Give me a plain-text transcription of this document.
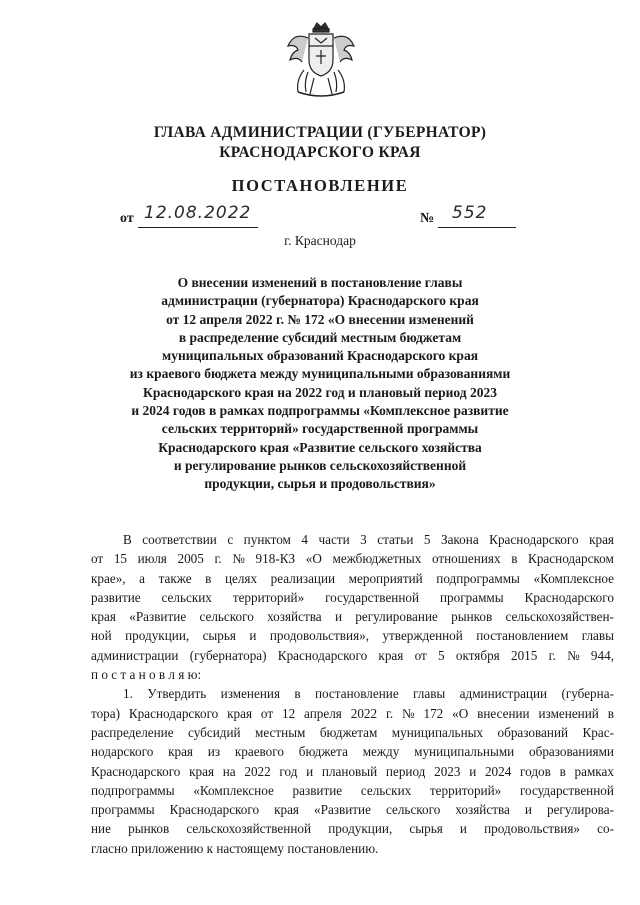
ГЛАВА АДМИНИСТРАЦИИ (ГУБЕРНАТОР)
КРАСНОДАРСКОГО КРАЯ
ПОСТАНОВЛЕНИЕ
от 12.08.2022	№ 552
г. Краснодар
О внесении изменений в постановление главы
администрации (губернатора) Краснодарского края
от 12 апреля 2022 г. № 172 «О внесении изменений
в распределение субсидий местным бюджетам
муниципальных образований Краснодарского края
из краевого бюджета между муниципальными образованиями
Краснодарского края на 2022 год и плановый период 2023
и 2024 годов в рамках подпрограммы «Комплексное развитие
сельских территорий» государственной программы
Краснодарского края «Развитие сельского хозяйства
и регулирование рынков сельскохозяйственной
продукции, сырья и продовольствия»
В соответствии с пунктом 4 части 3 статьи 5 Закона Краснодарского края
от 15 июля 2005 г. № 918-КЗ «О межбюджетных отношениях в Краснодарском
крае», а также в целях реализации мероприятий подпрограммы «Комплексное
развитие сельских территорий» государственной программы Краснодарского
края «Развитие сельского хозяйства и регулирование рынков сельскохозяйствен-
ной продукции, сырья и продовольствия», утвержденной постановлением главы
администрации (губернатора) Краснодарского края от 5 октября 2015 г. № 944,
п о с т а н о в л я ю:
1. Утвердить изменения в постановление главы администрации (губерна-
тора) Краснодарского края от 12 апреля 2022 г. № 172 «О внесении изменений в
распределение субсидий местным бюджетам муниципальных образований Крас-
нодарского края из краевого бюджета между муниципальными образованиями
Краснодарского края на 2022 год и плановый период 2023 и 2024 годов в рамках
подпрограммы «Комплексное развитие сельских территорий» государственной
программы Краснодарского края «Развитие сельского хозяйства и регулирова-
ние рынков сельскохозяйственной продукции, сырья и продовольствия» со-
гласно приложению к настоящему постановлению.
